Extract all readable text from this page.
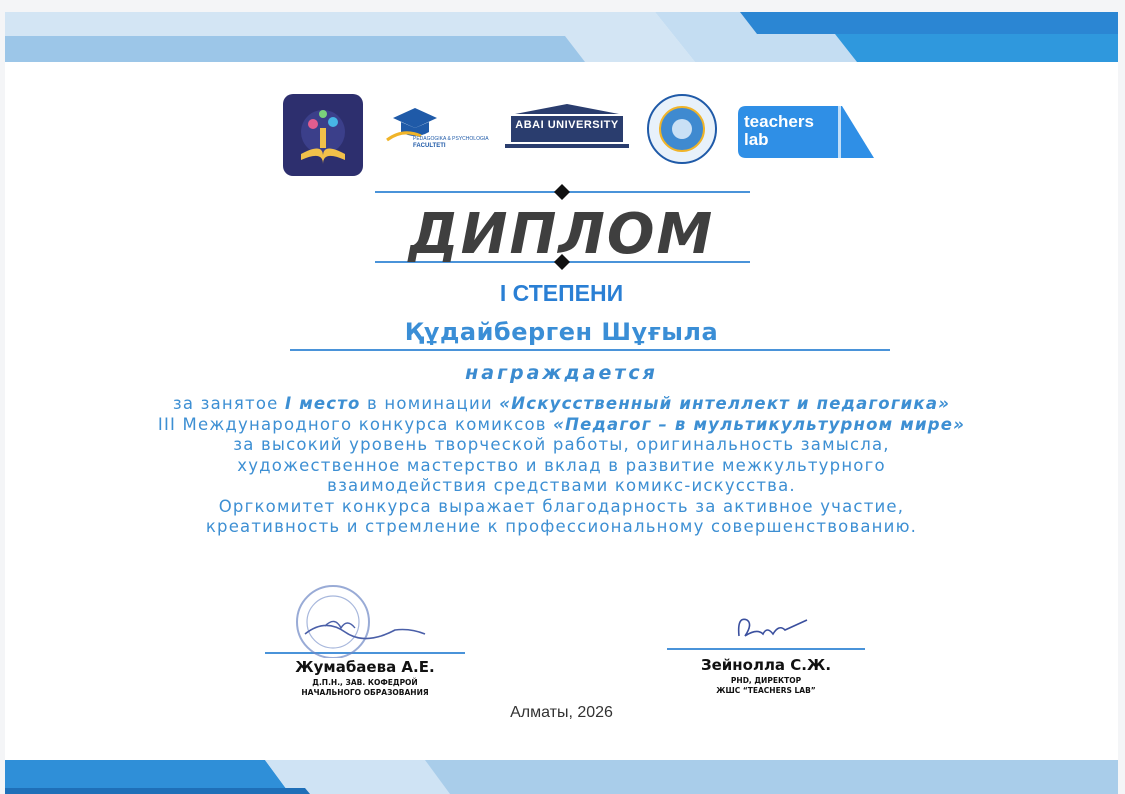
PEDAGOGIKA & PSYCHOLOGIA
FACULTETI
ABAI UNIVERSITY	teachers
lab
ДИПЛОМ
I СТЕПЕНИ
Құдайберген Шұғыла
награждается
за занятое I место в номинации «Искусственный интеллект и педагогика»
III Международного конкурса комиксов «Педагог – в мультикультурном мире»
за высокий уровень творческой работы, оригинальность замысла,
художественное мастерство и вклад в развитие межкультурного
взаимодействия средствами комикс-искусства.
Оргкомитет конкурса выражает благодарность за активное участие,
креативность и стремление к профессиональному совершенствованию.
Жумабаева А.Е.
Д.П.Н., ЗАВ. КОФЕДРОЙ
НАЧАЛЬНОГО ОБРАЗОВАНИЯ
Зейнолла С.Ж.
PHD, ДИРЕКТОР
ЖШС “TEACHERS LAB”
Алматы, 2026
